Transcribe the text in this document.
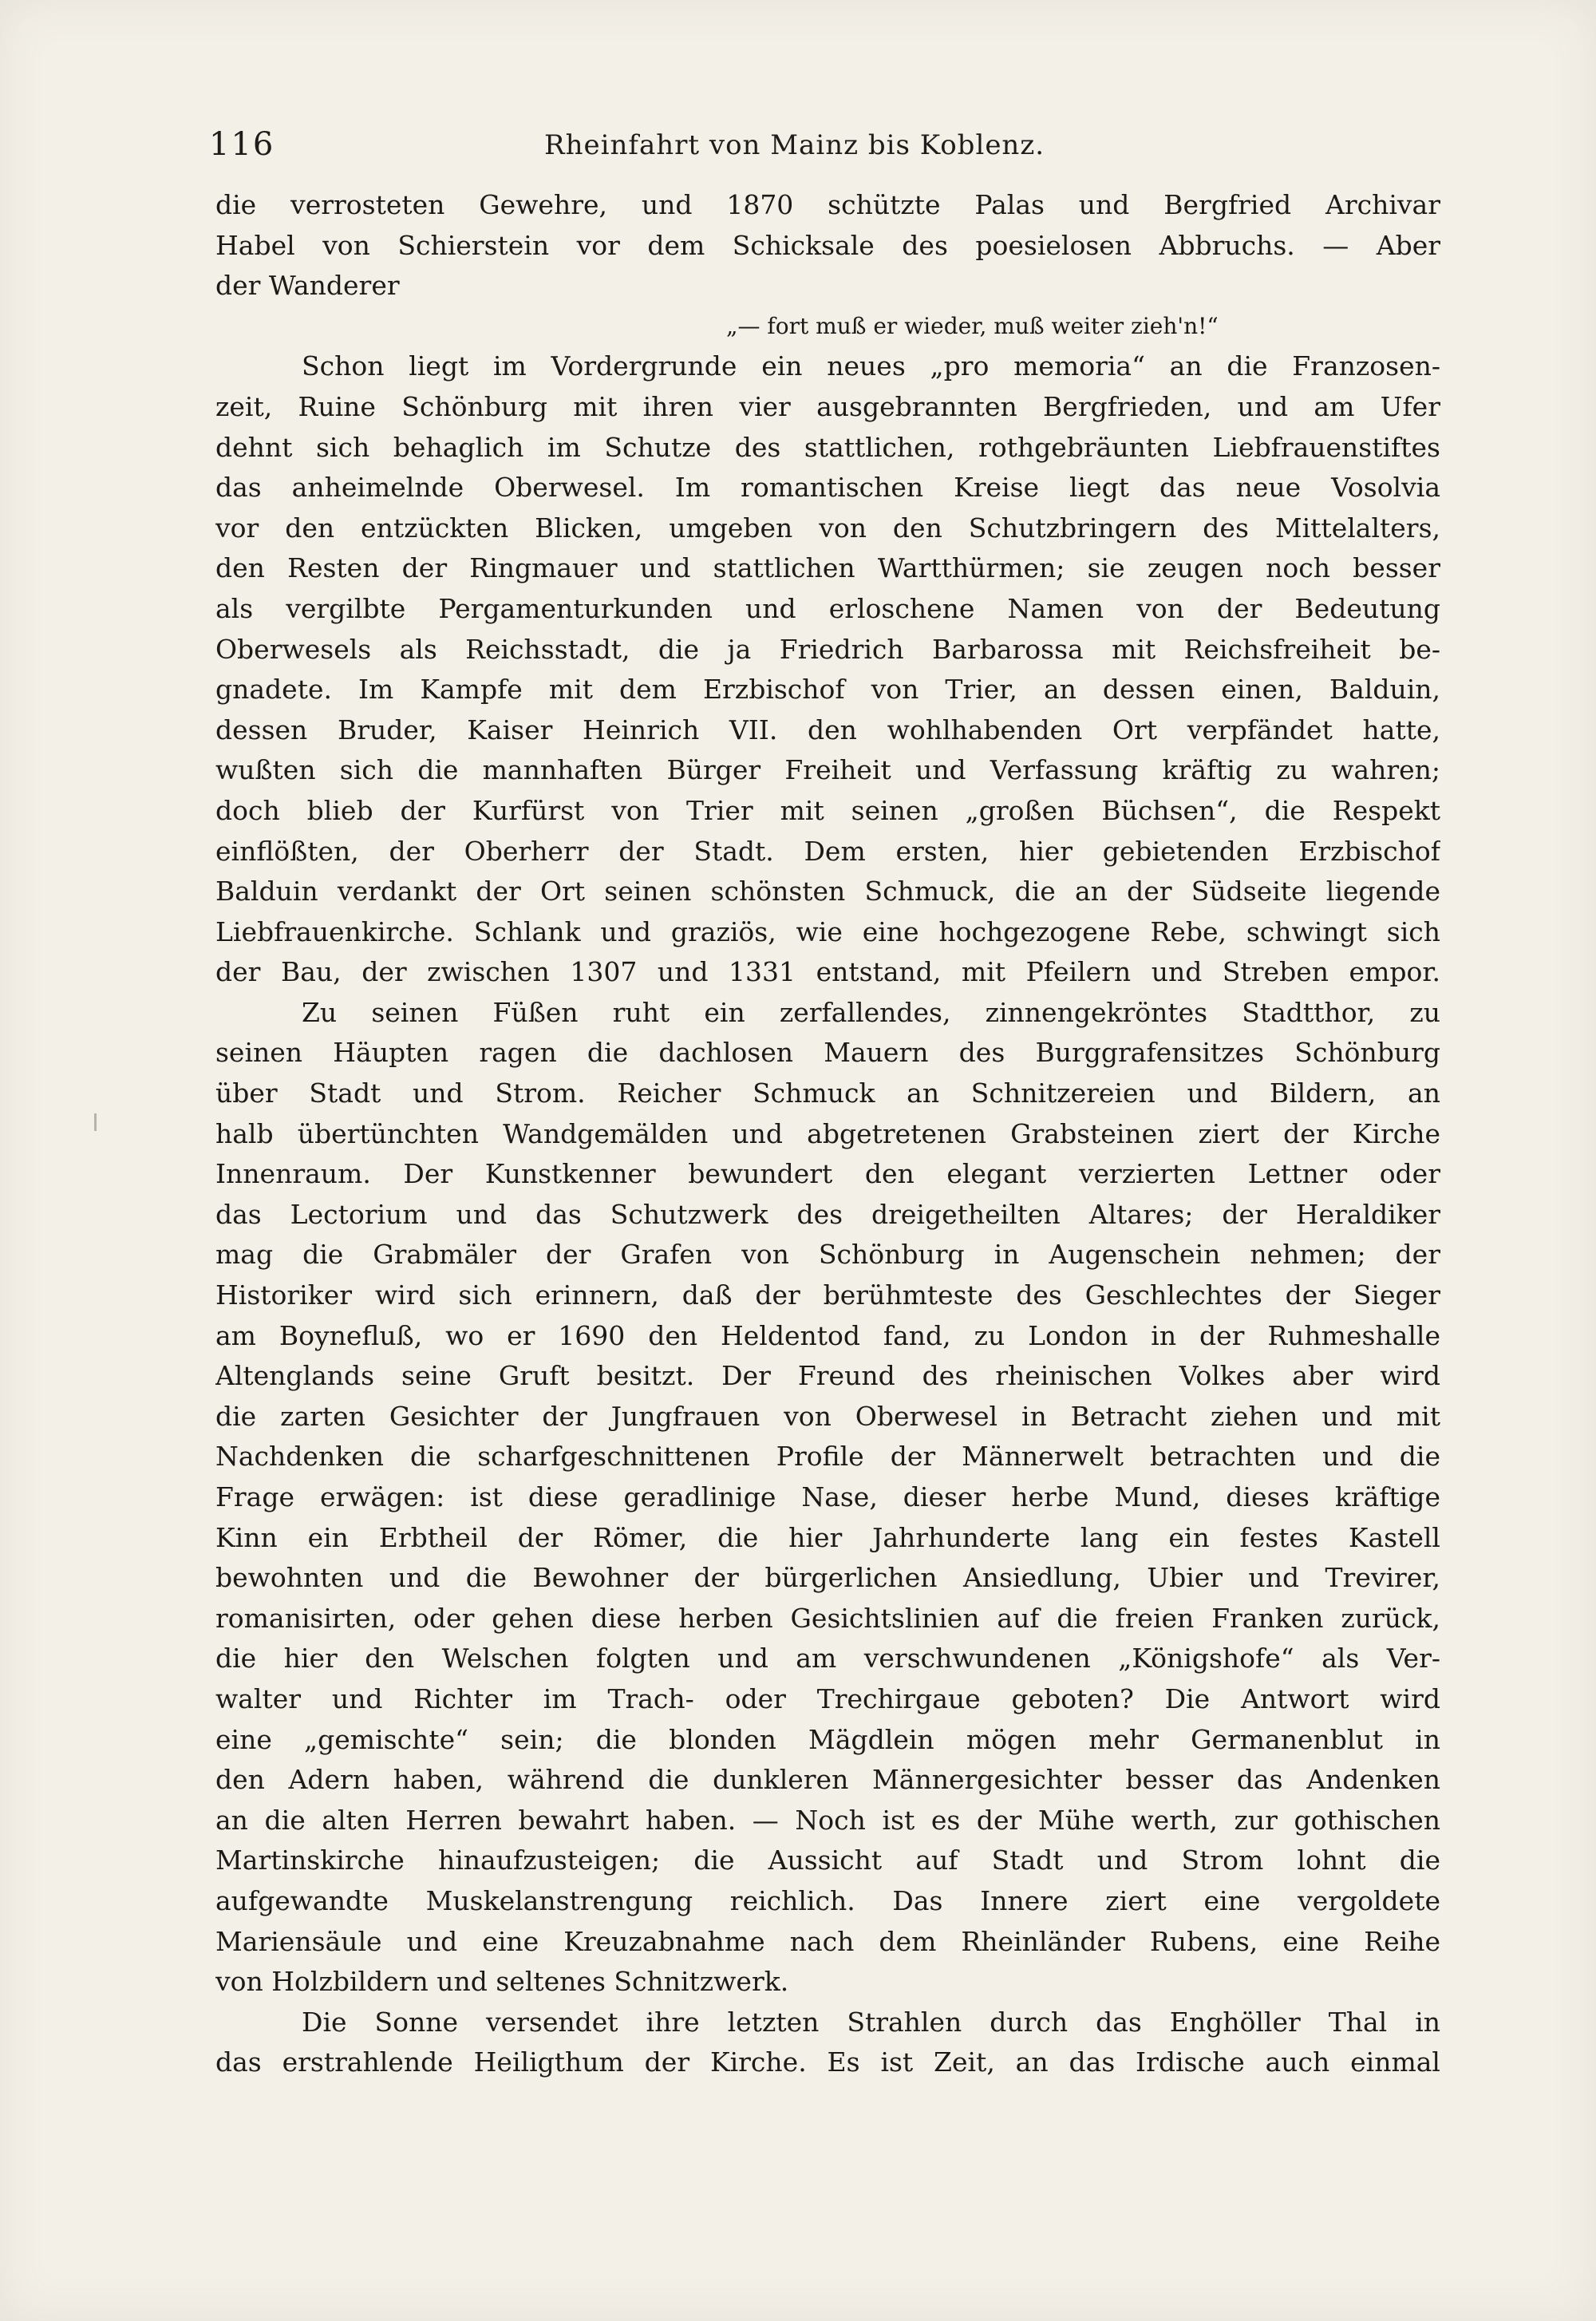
116	Rheinfahrt von Mainz bis Koblenz.
die verrosteten Gewehre, und 1870 schützte Palas und Bergfried Archivar
Habel von Schierstein vor dem Schicksale des poesielosen Abbruchs. — Aber
der Wanderer
„— fort muß er wieder, muß weiter zieh'n!“
Schon liegt im Vordergrunde ein neues „pro memoria“ an die Franzosen-
zeit, Ruine Schönburg mit ihren vier ausgebrannten Bergfrieden, und am Ufer
dehnt sich behaglich im Schutze des stattlichen, rothgebräunten Liebfrauenstiftes
das anheimelnde Oberwesel. Im romantischen Kreise liegt das neue Vosolvia
vor den entzückten Blicken, umgeben von den Schutzbringern des Mittelalters,
den Resten der Ringmauer und stattlichen Wartthürmen; sie zeugen noch besser
als vergilbte Pergamenturkunden und erloschene Namen von der Bedeutung
Oberwesels als Reichsstadt, die ja Friedrich Barbarossa mit Reichsfreiheit be-
gnadete. Im Kampfe mit dem Erzbischof von Trier, an dessen einen, Balduin,
dessen Bruder, Kaiser Heinrich VII. den wohlhabenden Ort verpfändet hatte,
wußten sich die mannhaften Bürger Freiheit und Verfassung kräftig zu wahren;
doch blieb der Kurfürst von Trier mit seinen „großen Büchsen“, die Respekt
einflößten, der Oberherr der Stadt. Dem ersten, hier gebietenden Erzbischof
Balduin verdankt der Ort seinen schönsten Schmuck, die an der Südseite liegende
Liebfrauenkirche. Schlank und graziös, wie eine hochgezogene Rebe, schwingt sich
der Bau, der zwischen 1307 und 1331 entstand, mit Pfeilern und Streben empor.
Zu seinen Füßen ruht ein zerfallendes, zinnengekröntes Stadtthor, zu
seinen Häupten ragen die dachlosen Mauern des Burggrafensitzes Schönburg
über Stadt und Strom. Reicher Schmuck an Schnitzereien und Bildern, an
halb übertünchten Wandgemälden und abgetretenen Grabsteinen ziert der Kirche
Innenraum. Der Kunstkenner bewundert den elegant verzierten Lettner oder
das Lectorium und das Schutzwerk des dreigetheilten Altares; der Heraldiker
mag die Grabmäler der Grafen von Schönburg in Augenschein nehmen; der
Historiker wird sich erinnern, daß der berühmteste des Geschlechtes der Sieger
am Boynefluß, wo er 1690 den Heldentod fand, zu London in der Ruhmeshalle
Altenglands seine Gruft besitzt. Der Freund des rheinischen Volkes aber wird
die zarten Gesichter der Jungfrauen von Oberwesel in Betracht ziehen und mit
Nachdenken die scharfgeschnittenen Profile der Männerwelt betrachten und die
Frage erwägen: ist diese geradlinige Nase, dieser herbe Mund, dieses kräftige
Kinn ein Erbtheil der Römer, die hier Jahrhunderte lang ein festes Kastell
bewohnten und die Bewohner der bürgerlichen Ansiedlung, Ubier und Trevirer,
romanisirten, oder gehen diese herben Gesichtslinien auf die freien Franken zurück,
die hier den Welschen folgten und am verschwundenen „Königshofe“ als Ver-
walter und Richter im Trach- oder Trechirgaue geboten? Die Antwort wird
eine „gemischte“ sein; die blonden Mägdlein mögen mehr Germanenblut in
den Adern haben, während die dunkleren Männergesichter besser das Andenken
an die alten Herren bewahrt haben. — Noch ist es der Mühe werth, zur gothischen
Martinskirche hinaufzusteigen; die Aussicht auf Stadt und Strom lohnt die
aufgewandte Muskelanstrengung reichlich. Das Innere ziert eine vergoldete
Mariensäule und eine Kreuzabnahme nach dem Rheinländer Rubens, eine Reihe
von Holzbildern und seltenes Schnitzwerk.
Die Sonne versendet ihre letzten Strahlen durch das Enghöller Thal in
das erstrahlende Heiligthum der Kirche. Es ist Zeit, an das Irdische auch einmal
